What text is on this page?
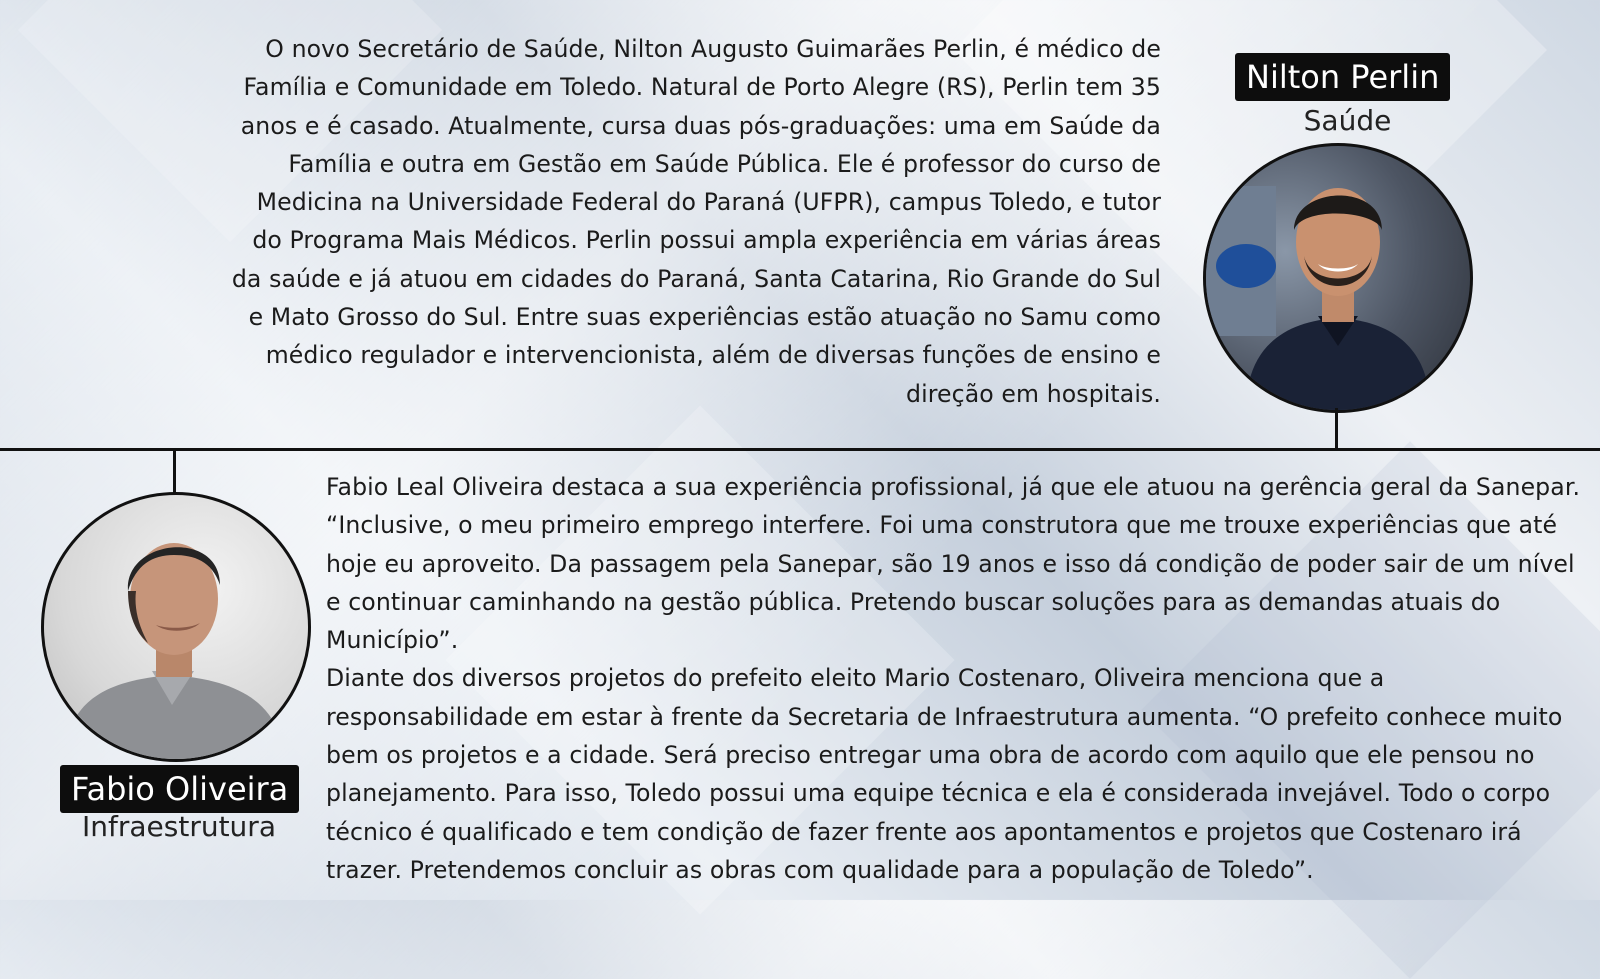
O novo Secretário de Saúde, Nilton Augusto Guimarães Perlin, é médico de Família e Comunidade em Toledo. Natural de Porto Alegre (RS), Perlin tem 35 anos e é casado. Atualmente, cursa duas pós-graduações: uma em Saúde da Família e outra em Gestão em Saúde Pública. Ele é professor do curso de Medicina na Universidade Federal do Paraná (UFPR), campus Toledo, e tutor do Programa Mais Médicos. Perlin possui ampla experiência em várias áreas da saúde e já atuou em cidades do Paraná, Santa Catarina, Rio Grande do Sul e Mato Grosso do Sul. Entre suas experiências estão atuação no Samu como médico regulador e intervencionista, além de diversas funções de ensino e direção em hospitais.

Nilton Perlin
Saúde
Fabio Oliveira
Infraestrutura

Fabio Leal Oliveira destaca a sua experiência profissional, já que ele atuou na gerência geral da Sanepar. “Inclusive, o meu primeiro emprego interfere. Foi uma construtora que me trouxe experiências que até hoje eu aproveito. Da passagem pela Sanepar, são 19 anos e isso dá condição de poder sair de um nível e continuar caminhando na gestão pública. Pretendo buscar soluções para as demandas atuais do Município”.

Diante dos diversos projetos do prefeito eleito Mario Costenaro, Oliveira menciona que a responsabilidade em estar à frente da Secretaria de Infraestrutura aumenta. “O prefeito conhece muito bem os projetos e a cidade. Será preciso entregar uma obra de acordo com aquilo que ele pensou no planejamento. Para isso, Toledo possui uma equipe técnica e ela é considerada invejável. Todo o corpo técnico é qualificado e tem condição de fazer frente aos apontamentos e projetos que Costenaro irá trazer. Pretendemos concluir as obras com qualidade para a população de Toledo”.
